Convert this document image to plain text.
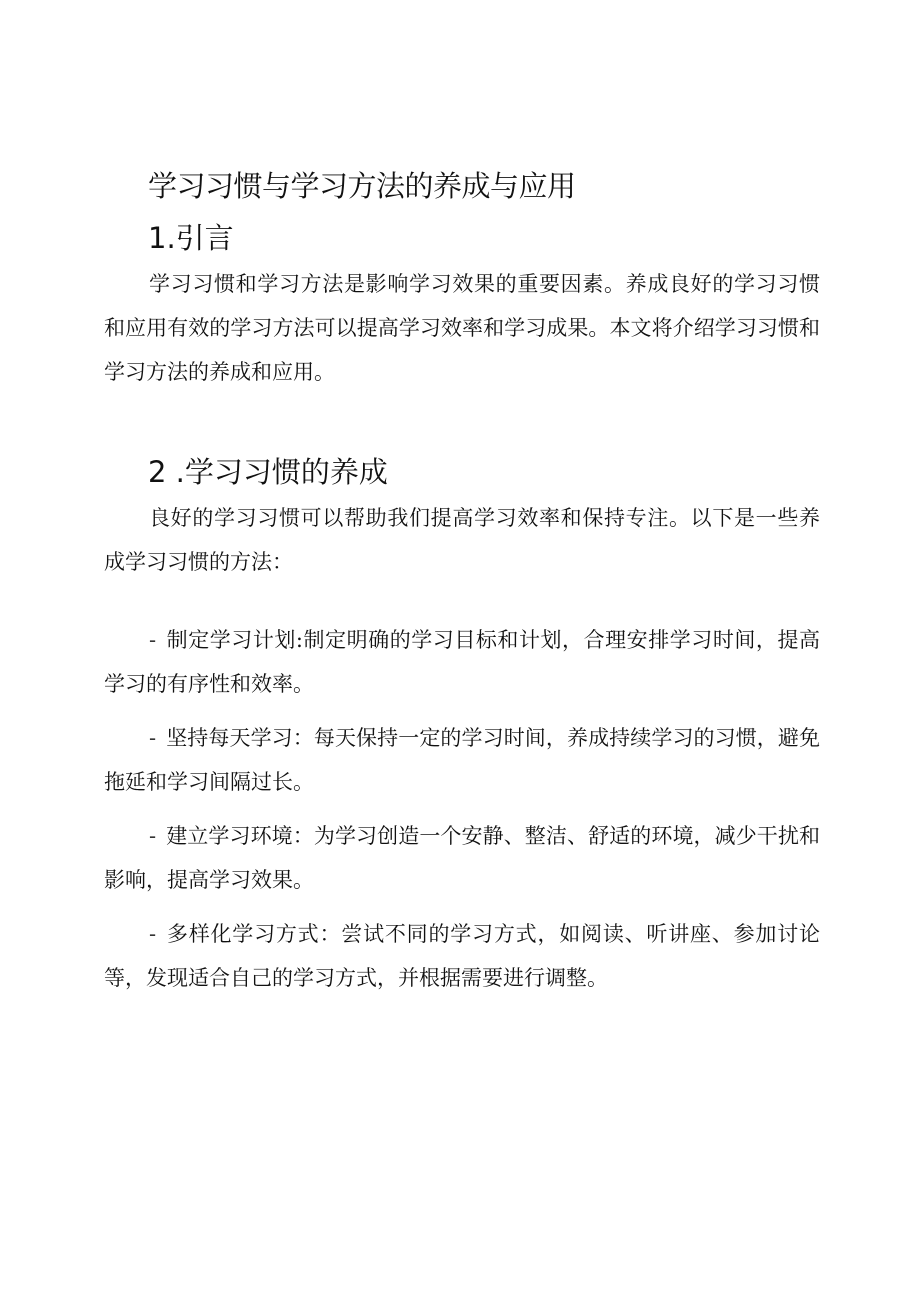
学习习惯与学习方法的养成与应用
1.引言

学习习惯和学习方法是影响学习效果的重要因素。养成良好的学习习惯和应用有效的学习方法可以提高学习效率和学习成果。本文将介绍学习习惯和学习方法的养成和应用。

2 .学习习惯的养成

良好的学习习惯可以帮助我们提高学习效率和保持专注。以下是一些养成学习习惯的方法：

- 制定学习计划:制定明确的学习目标和计划，合理安排学习时间，提高学习的有序性和效率。
- 坚持每天学习：每天保持一定的学习时间，养成持续学习的习惯，避免拖延和学习间隔过长。
- 建立学习环境：为学习创造一个安静、整洁、舒适的环境，减少干扰和影响，提高学习效果。
- 多样化学习方式：尝试不同的学习方式，如阅读、听讲座、参加讨论等，发现适合自己的学习方式，并根据需要进行调整。
